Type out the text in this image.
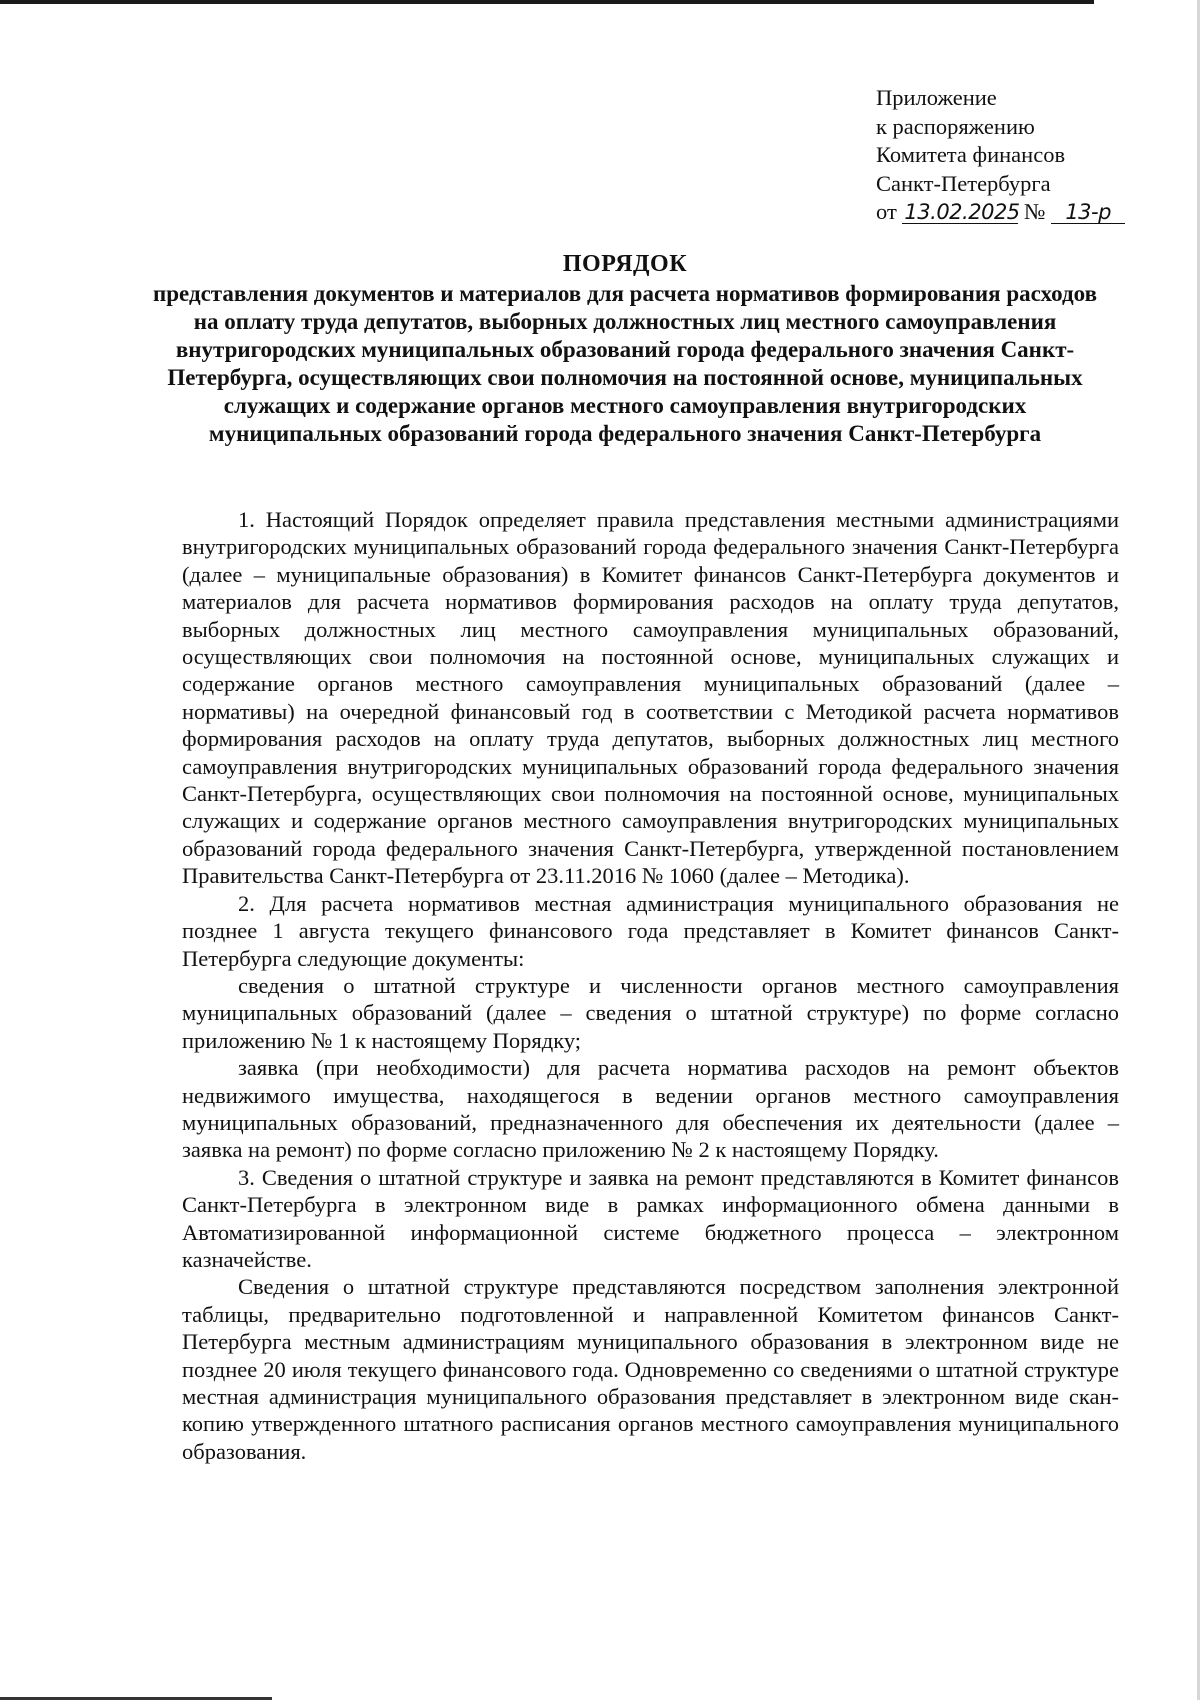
Приложение
к распоряжению
Комитета финансов
Санкт-Петербурга
от 13.02.2025 № 13-р
ПОРЯДОК
представления документов и материалов для расчета нормативов формирования расходов на оплату труда депутатов, выборных должностных лиц местного самоуправления внутригородских муниципальных образований города федерального значения Санкт-Петербурга, осуществляющих свои полномочия на постоянной основе, муниципальных служащих и содержание органов местного самоуправления внутригородских муниципальных образований города федерального значения Санкт-Петербурга

1. Настоящий Порядок определяет правила представления местными администрациями внутригородских муниципальных образований города федерального значения Санкт-Петербурга (далее – муниципальные образования) в Комитет финансов Санкт-Петербурга документов и материалов для расчета нормативов формирования расходов на оплату труда депутатов, выборных должностных лиц местного самоуправления муниципальных образований, осуществляющих свои полномочия на постоянной основе, муниципальных служащих и содержание органов местного самоуправления муниципальных образований (далее – нормативы) на очередной финансовый год в соответствии с Методикой расчета нормативов формирования расходов на оплату труда депутатов, выборных должностных лиц местного самоуправления внутригородских муниципальных образований города федерального значения Санкт-Петербурга, осуществляющих свои полномочия на постоянной основе, муниципальных служащих и содержание органов местного самоуправления внутригородских муниципальных образований города федерального значения Санкт-Петербурга, утвержденной постановлением Правительства Санкт-Петербурга от 23.11.2016 № 1060 (далее – Методика).

2. Для расчета нормативов местная администрация муниципального образования не позднее 1 августа текущего финансового года представляет в Комитет финансов Санкт-Петербурга следующие документы:

сведения о штатной структуре и численности органов местного самоуправления муниципальных образований (далее – сведения о штатной структуре) по форме согласно приложению № 1 к настоящему Порядку;

заявка (при необходимости) для расчета норматива расходов на ремонт объектов недвижимого имущества, находящегося в ведении органов местного самоуправления муниципальных образований, предназначенного для обеспечения их деятельности (далее – заявка на ремонт) по форме согласно приложению № 2 к настоящему Порядку.

3. Сведения о штатной структуре и заявка на ремонт представляются в Комитет финансов Санкт-Петербурга в электронном виде в рамках информационного обмена данными в Автоматизированной информационной системе бюджетного процесса – электронном казначействе.

Сведения о штатной структуре представляются посредством заполнения электронной таблицы, предварительно подготовленной и направленной Комитетом финансов Санкт-Петербурга местным администрациям муниципального образования в электронном виде не позднее 20 июля текущего финансового года. Одновременно со сведениями о штатной структуре местная администрация муниципального образования представляет в электронном виде скан-копию утвержденного штатного расписания органов местного самоуправления муниципального образования.
